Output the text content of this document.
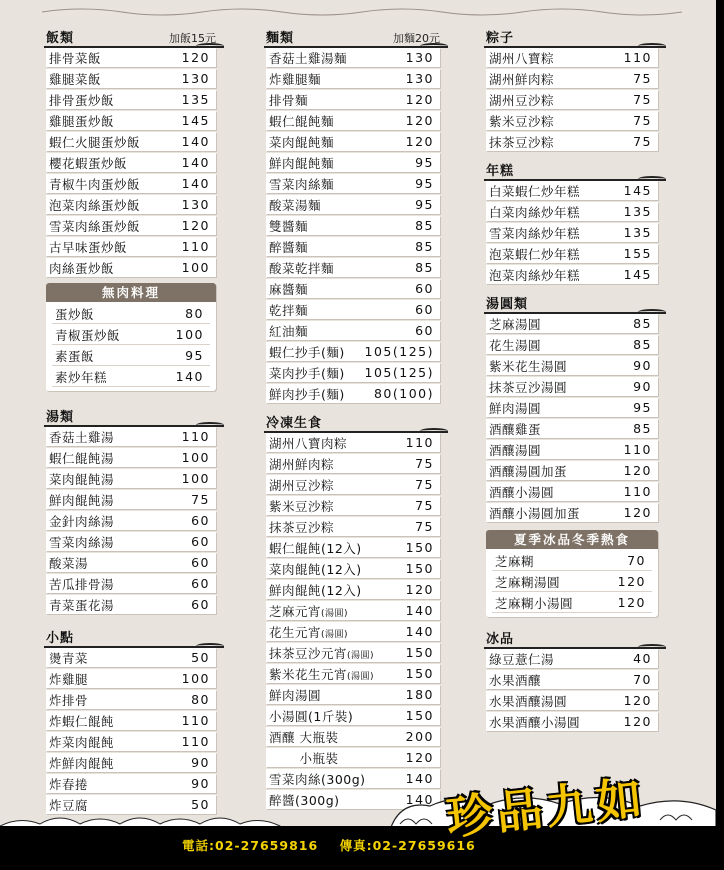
飯類	加飯15元
排骨菜飯	120
雞腿菜飯	130
排骨蛋炒飯	135
雞腿蛋炒飯	145
蝦仁火腿蛋炒飯	140
櫻花蝦蛋炒飯	140
青椒牛肉蛋炒飯	140
泡菜肉絲蛋炒飯	130
雪菜肉絲蛋炒飯	120
古早味蛋炒飯	110
肉絲蛋炒飯	100
無肉料理
蛋炒飯	80
青椒蛋炒飯	100
素蛋飯	95
素炒年糕	140
湯類
香菇土雞湯	110
蝦仁餛飩湯	100
菜肉餛飩湯	100
鮮肉餛飩湯	75
金針肉絲湯	60
雪菜肉絲湯	60
酸菜湯	60
苦瓜排骨湯	60
青菜蛋花湯	60
小點
燙青菜	50
炸雞腿	100
炸排骨	80
炸蝦仁餛飩	110
炸菜肉餛飩	110
炸鮮肉餛飩	90
炸春捲	90
炸豆腐	50
麵類	加麵20元
香菇土雞湯麵	130
炸雞腿麵	130
排骨麵	120
蝦仁餛飩麵	120
菜肉餛飩麵	120
鮮肉餛飩麵	95
雪菜肉絲麵	95
酸菜湯麵	95
雙醬麵	85
醉醬麵	85
酸菜乾拌麵	85
麻醬麵	60
乾拌麵	60
紅油麵	60
蝦仁抄手(麵) 105(125)
菜肉抄手(麵) 105(125)
鮮肉抄手(麵) 80(100)
冷凍生食
湖州八寶肉粽	110
湖州鮮肉粽	75
湖州豆沙粽	75
紫米豆沙粽	75
抹茶豆沙粽	75
蝦仁餛飩(12入)	150
菜肉餛飩(12入)	150
鮮肉餛飩(12入)	120
芝麻元宵(湯圓)	140
花生元宵(湯圓)	140
抹茶豆沙元宵(湯圓)	150
紫米花生元宵(湯圓)	150
鮮肉湯圓	180
小湯圓(1斤裝)	150
酒釀 大瓶裝	200
　　 小瓶裝	120
雪菜肉絲(300g)	140
醉醬(300g)	140
粽子
湖州八寶粽	110
湖州鮮肉粽	75
湖州豆沙粽	75
紫米豆沙粽	75
抹茶豆沙粽	75
年糕
白菜蝦仁炒年糕	145
白菜肉絲炒年糕	135
雪菜肉絲炒年糕	135
泡菜蝦仁炒年糕	155
泡菜肉絲炒年糕	145
湯圓類
芝麻湯圓	85
花生湯圓	85
紫米花生湯圓	90
抹茶豆沙湯圓	90
鮮肉湯圓	95
酒釀雞蛋	85
酒釀湯圓	110
酒釀湯圓加蛋	120
酒釀小湯圓	110
酒釀小湯圓加蛋	120
夏季冰品冬季熱食
芝麻糊	70
芝麻糊湯圓	120
芝麻糊小湯圓	120
冰品
綠豆薏仁湯	40
水果酒釀	70
水果酒釀湯圓	120
水果酒釀小湯圓	120
電話:02-27659816 傳真:02-27659616
珍品九如
